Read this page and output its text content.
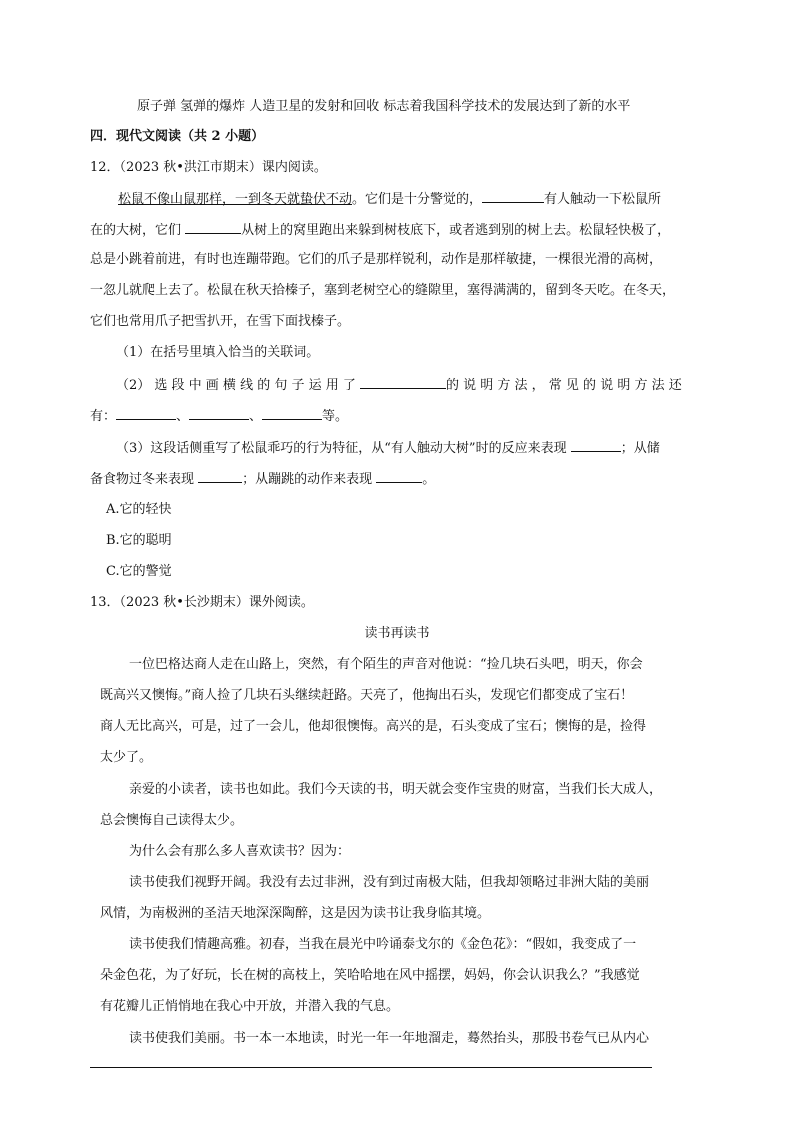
原子弹 氢弹的爆炸 人造卫星的发射和回收 标志着我国科学技术的发展达到了新的水平
四．现代文阅读（共 2 小题）
12．（2023 秋•洪江市期末）课内阅读。
松鼠不像山鼠那样，一到冬天就蛰伏不动。它们是十分警觉的，	有人触动一下松鼠所
在的大树，它们	从树上的窝里跑出来躲到树枝底下，或者逃到别的树上去。松鼠轻快极了，
总是小跳着前进，有时也连蹦带跑。它们的爪子是那样锐利，动作是那样敏捷，一棵很光滑的高树，
一忽儿就爬上去了。松鼠在秋天拾榛子，塞到老树空心的缝隙里，塞得满满的，留到冬天吃。在冬天，
它们也常用爪子把雪扒开，在雪下面找榛子。
（1）在括号里填入恰当的关联词。
（2） 选 段 中 画 横 线 的 句 子 运 用 了	的 说 明 方 法 ， 常 见 的 说 明 方 法 还
有：	、	、	等。
（3）这段话侧重写了松鼠乖巧的行为特征，从“有人触动大树”时的反应来表现	；从储
备食物过冬来表现	；从蹦跳的动作来表现	。
A.它的轻快
B.它的聪明
C.它的警觉
13．（2023 秋•长沙期末）课外阅读。
读书再读书
一位巴格达商人走在山路上，突然，有个陌生的声音对他说：“捡几块石头吧，明天，你会
既高兴又懊悔。”商人捡了几块石头继续赶路。天亮了，他掏出石头，发现它们都变成了宝石！
商人无比高兴，可是，过了一会儿，他却很懊悔。高兴的是，石头变成了宝石；懊悔的是，捡得
太少了。
亲爱的小读者，读书也如此。我们今天读的书，明天就会变作宝贵的财富，当我们长大成人，
总会懊悔自己读得太少。
为什么会有那么多人喜欢读书？因为：
读书使我们视野开阔。我没有去过非洲，没有到过南极大陆，但我却领略过非洲大陆的美丽
风情，为南极洲的圣洁天地深深陶醉，这是因为读书让我身临其境。
读书使我们情趣高雅。初春，当我在晨光中吟诵泰戈尔的《金色花》：“假如，我变成了一
朵金色花，为了好玩，长在树的高枝上，笑哈哈地在风中摇摆，妈妈，你会认识我么？”我感觉
有花瓣儿正悄悄地在我心中开放，并潜入我的气息。
读书使我们美丽。书一本一本地读，时光一年一年地溜走，蓦然抬头，那股书卷气已从内心
